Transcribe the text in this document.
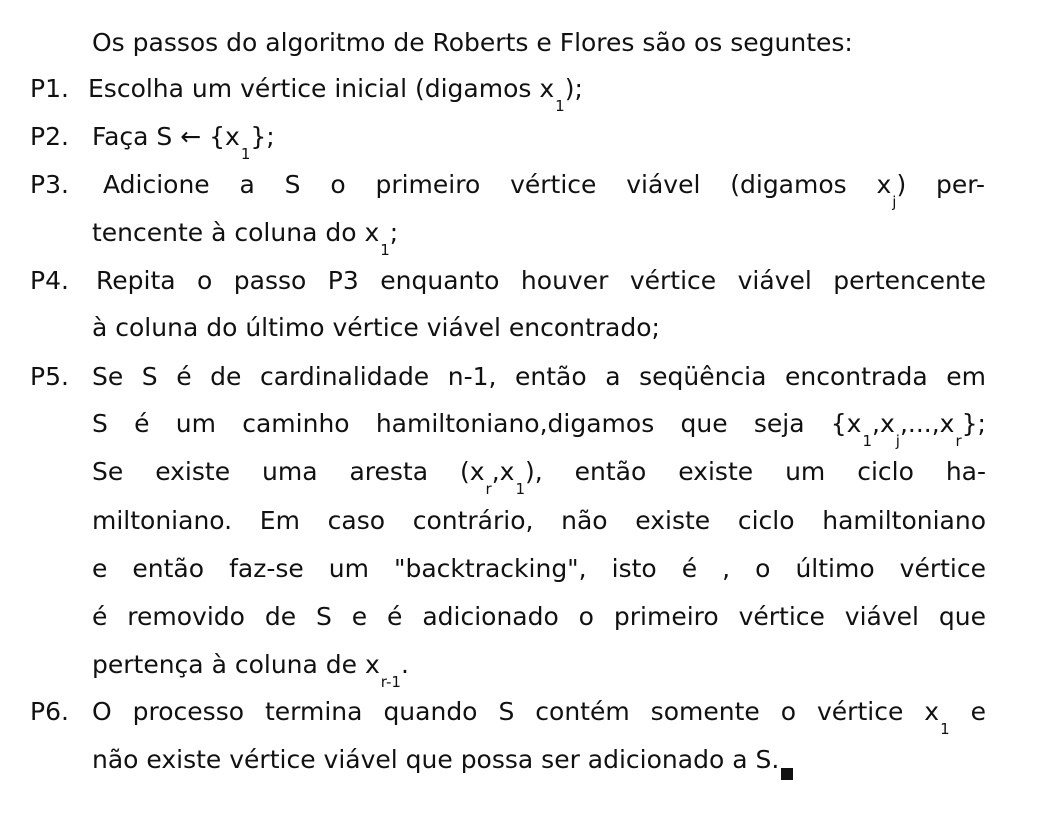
Os passos do algoritmo de Roberts e Flores são os seguntes:
P1. Escolha um vértice inicial (digamos $x_1$);
P2. Faça S ← $\{x_1\}$;
P3. Adicione a S o primeiro vértice viável (digamos $x_j$) per-
tencente à coluna do $x_1$;
P4. Repita o passo P3 enquanto houver vértice viável pertencente
à coluna do último vértice viável encontrado;
P5. Se S é de cardinalidade n-1, então a seqüência encontrada em
S é um caminho hamiltoniano,digamos que seja $\{x_1,x_j,...,x_r\}$;
Se existe uma aresta $(x_r,x_1)$, então existe um ciclo ha-
miltoniano. Em caso contrário, não existe ciclo hamiltoniano
e então faz-se um "backtracking", isto é , o último vértice
é removido de S e é adicionado o primeiro vértice viável que
pertença à coluna de $x_{r-1}$.
P6. O processo termina quando S contém somente o vértice $x_1$ e
não existe vértice viável que possa ser adicionado a S.
